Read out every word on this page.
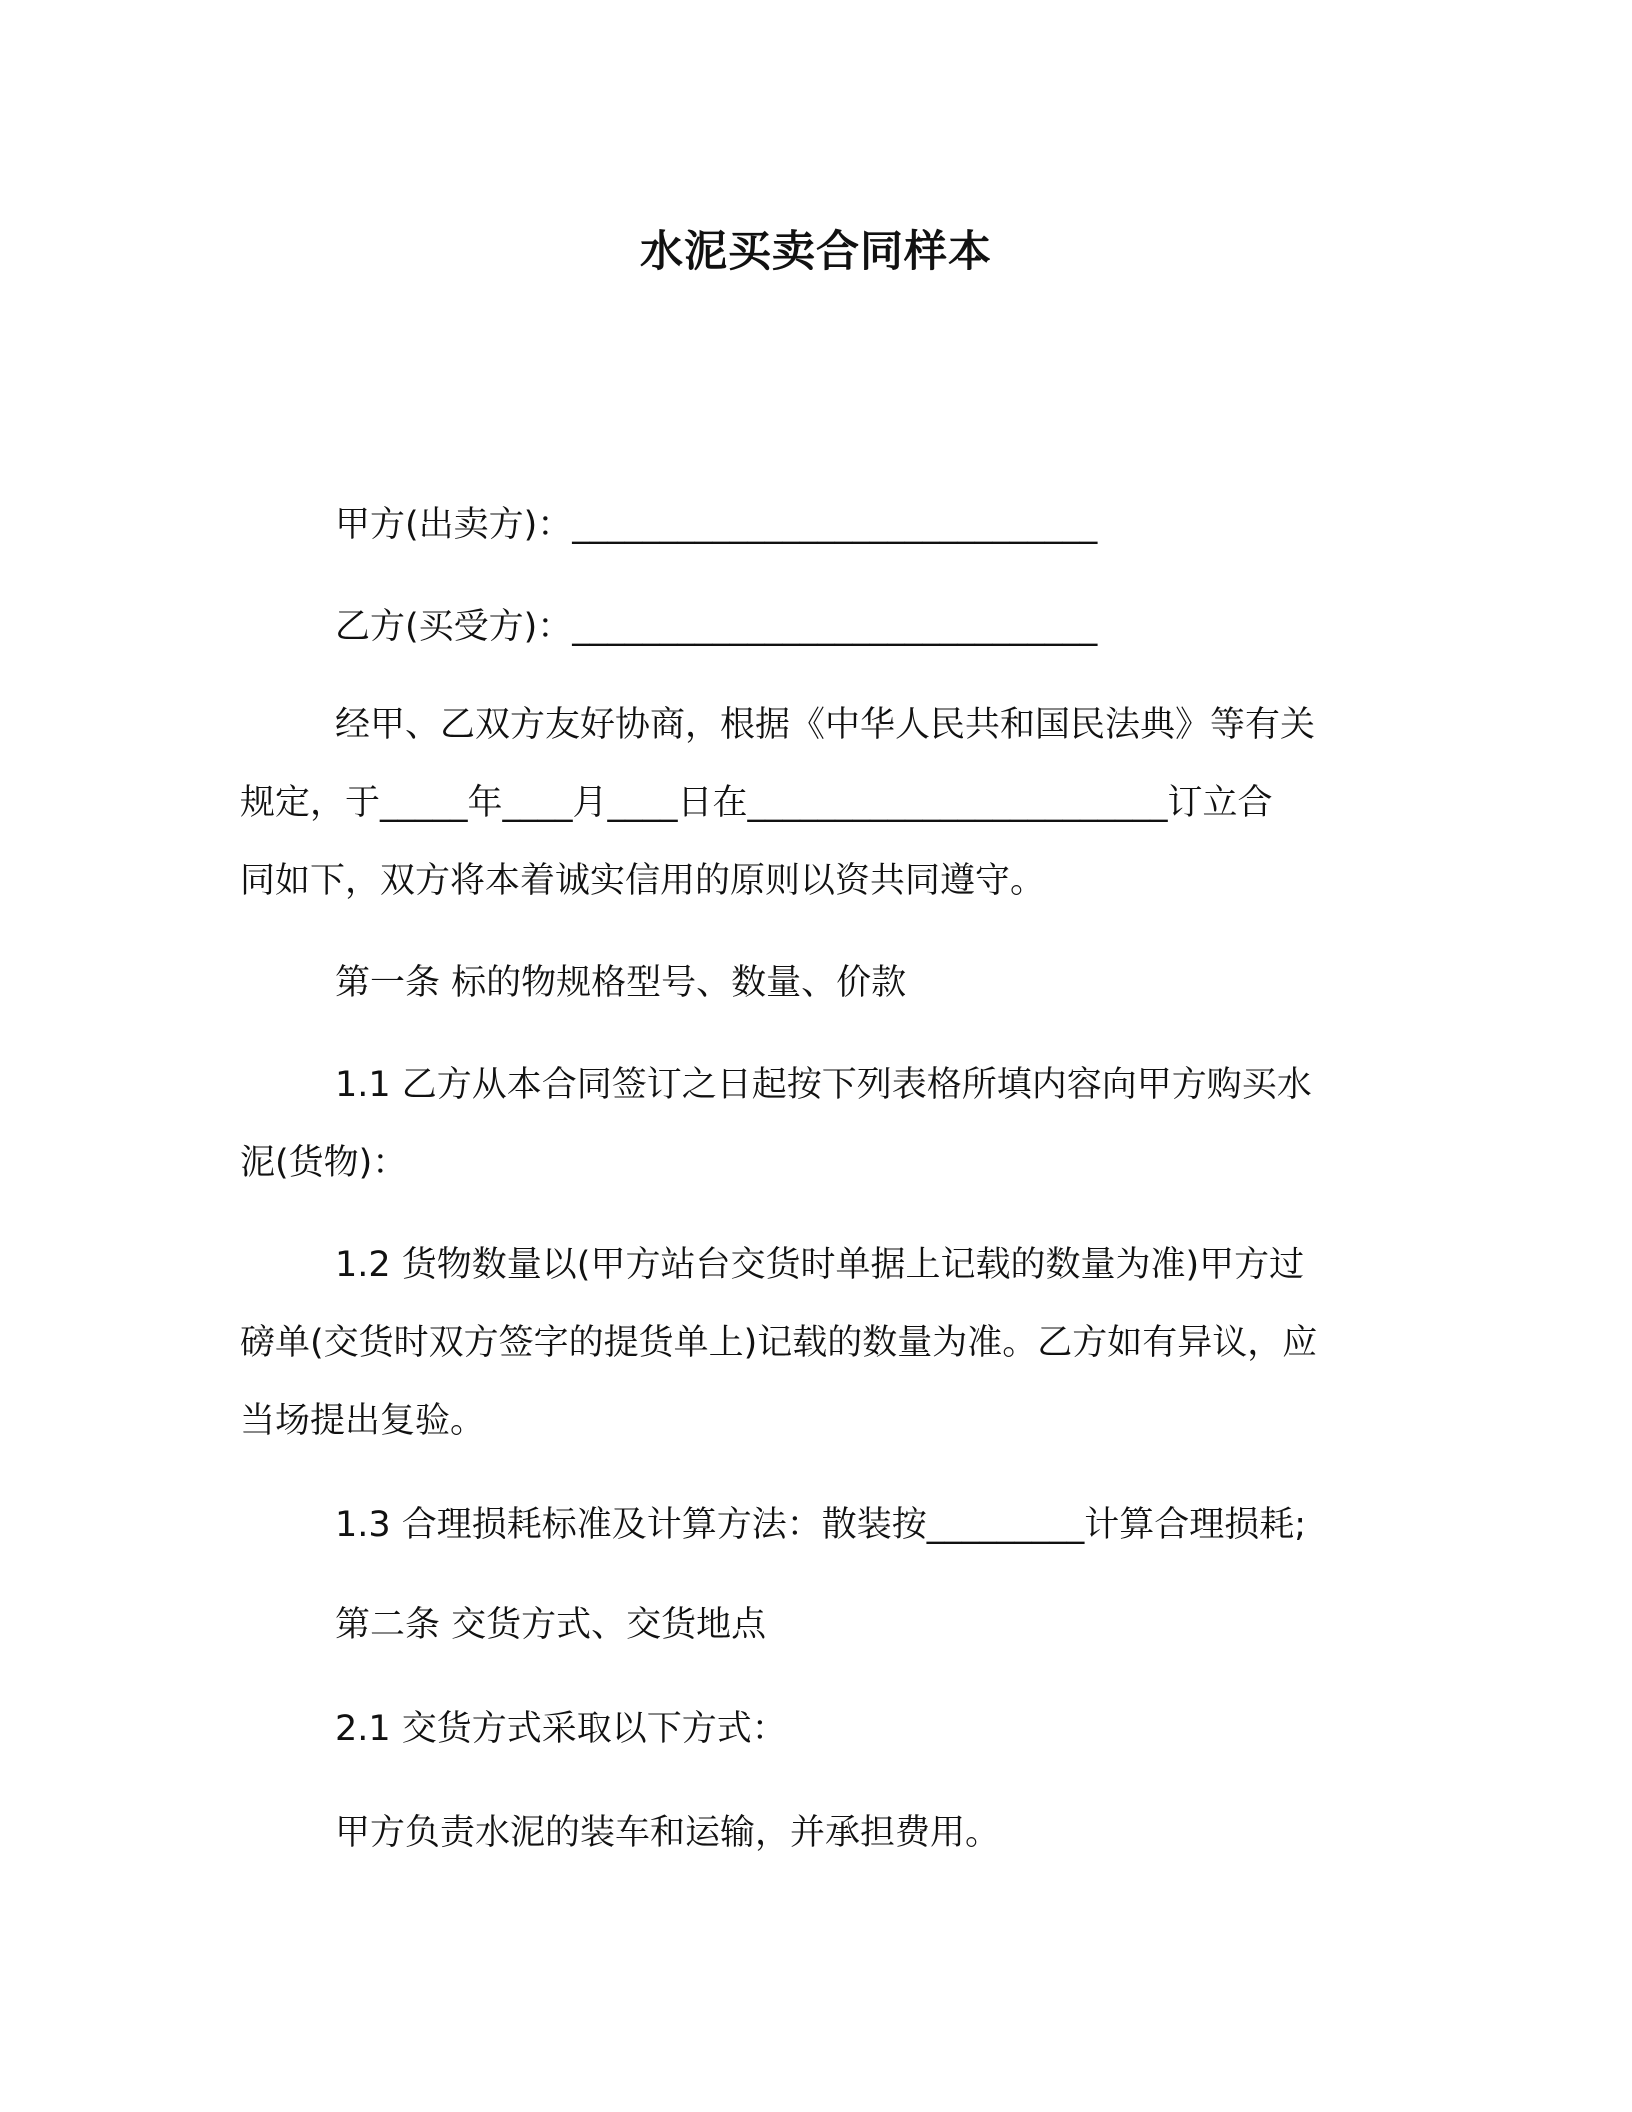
水泥买卖合同样本
甲方(出卖方)：______________________________
乙方(买受方)：______________________________
经甲、乙双方友好协商，根据《中华人民共和国民法典》等有关
规定，于_____年____月____日在________________________订立合
同如下，双方将本着诚实信用的原则以资共同遵守。
第一条 标的物规格型号、数量、价款
1.1 乙方从本合同签订之日起按下列表格所填内容向甲方购买水
泥(货物)：
1.2 货物数量以(甲方站台交货时单据上记载的数量为准)甲方过
磅单(交货时双方签字的提货单上)记载的数量为准。乙方如有异议，应
当场提出复验。
1.3 合理损耗标准及计算方法：散装按_________计算合理损耗;
第二条 交货方式、交货地点
2.1 交货方式采取以下方式：
甲方负责水泥的装车和运输，并承担费用。
